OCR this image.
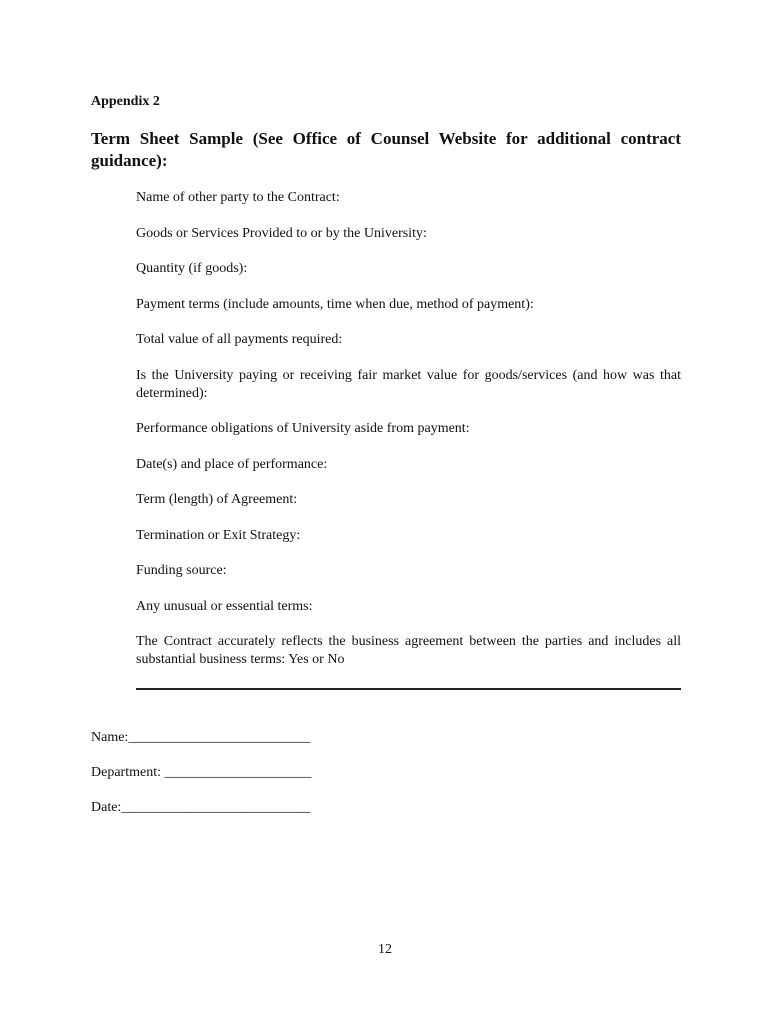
Appendix 2
Term Sheet Sample (See Office of Counsel Website for additional contract guidance):
Name of other party to the Contract:
Goods or Services Provided to or by the University:
Quantity (if goods):
Payment terms (include amounts, time when due, method of payment):
Total value of all payments required:
Is the University paying or receiving fair market value for goods/services (and how was that determined):
Performance obligations of University aside from payment:
Date(s) and place of performance:
Term (length) of Agreement:
Termination or Exit Strategy:
Funding source:
Any unusual or essential terms:
The Contract accurately reflects the business agreement between the parties and includes all substantial business terms: Yes or No
Name:__________________________
Department: _____________________
Date:___________________________
12
